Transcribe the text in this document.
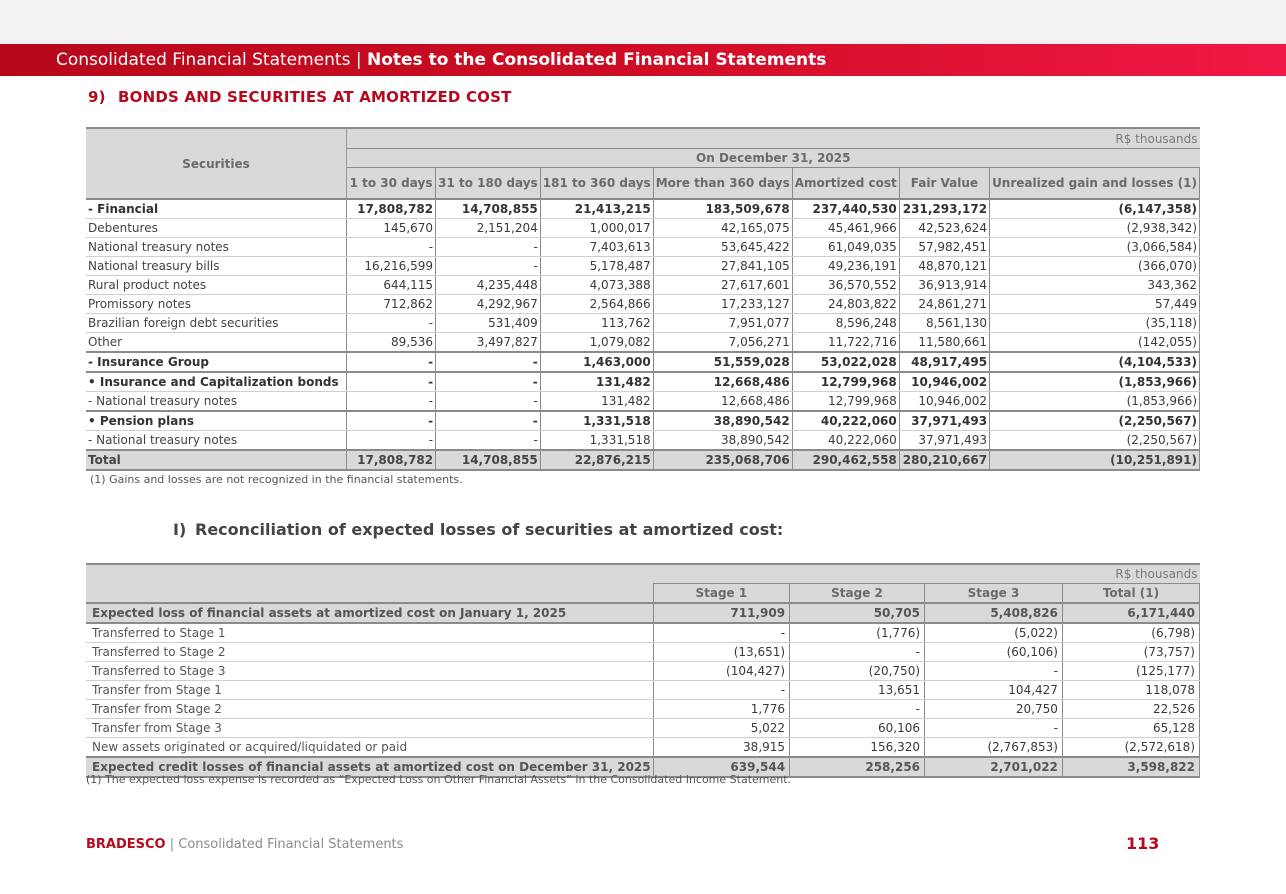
Consolidated Financial Statements | Notes to the Consolidated Financial Statements
9) BONDS AND SECURITIES AT AMORTIZED COST
Securities	R$ thousands						
	On December 31, 2025						
	1 to 30 days	31 to 180 days	181 to 360 days	More than 360 days	Amortized cost	Fair Value	Unrealized gain and losses (1)
- Financial	17,808,782	14,708,855	21,413,215	183,509,678	237,440,530	231,293,172	(6,147,358)
Debentures	145,670	2,151,204	1,000,017	42,165,075	45,461,966	42,523,624	(2,938,342)
National treasury notes	-	-	7,403,613	53,645,422	61,049,035	57,982,451	(3,066,584)
National treasury bills	16,216,599	-	5,178,487	27,841,105	49,236,191	48,870,121	(366,070)
Rural product notes	644,115	4,235,448	4,073,388	27,617,601	36,570,552	36,913,914	343,362
Promissory notes	712,862	4,292,967	2,564,866	17,233,127	24,803,822	24,861,271	57,449
Brazilian foreign debt securities	-	531,409	113,762	7,951,077	8,596,248	8,561,130	(35,118)
Other	89,536	3,497,827	1,079,082	7,056,271	11,722,716	11,580,661	(142,055)
- Insurance Group	-	-	1,463,000	51,559,028	53,022,028	48,917,495	(4,104,533)
• Insurance and Capitalization bonds	-	-	131,482	12,668,486	12,799,968	10,946,002	(1,853,966)
- National treasury notes	-	-	131,482	12,668,486	12,799,968	10,946,002	(1,853,966)
• Pension plans	-	-	1,331,518	38,890,542	40,222,060	37,971,493	(2,250,567)
- National treasury notes	-	-	1,331,518	38,890,542	40,222,060	37,971,493	(2,250,567)
Total	17,808,782	14,708,855	22,876,215	235,068,706	290,462,558	280,210,667	(10,251,891)
(1) Gains and losses are not recognized in the financial statements.
I) Reconciliation of expected losses of securities at amortized cost:
	R$ thousands			
	Stage 1	Stage 2	Stage 3	Total (1)
Expected loss of financial assets at amortized cost on January 1, 2025	711,909	50,705	5,408,826	6,171,440
Transferred to Stage 1	-	(1,776)	(5,022)	(6,798)
Transferred to Stage 2	(13,651)	-	(60,106)	(73,757)
Transferred to Stage 3	(104,427)	(20,750)	-	(125,177)
Transfer from Stage 1	-	13,651	104,427	118,078
Transfer from Stage 2	1,776	-	20,750	22,526
Transfer from Stage 3	5,022	60,106	-	65,128
New assets originated or acquired/liquidated or paid	38,915	156,320	(2,767,853)	(2,572,618)
Expected credit losses of financial assets at amortized cost on December 31, 2025	639,544	258,256	2,701,022	3,598,822
(1) The expected loss expense is recorded as “Expected Loss on Other Financial Assets” in the Consolidated Income Statement.
BRADESCO | Consolidated Financial Statements	113
